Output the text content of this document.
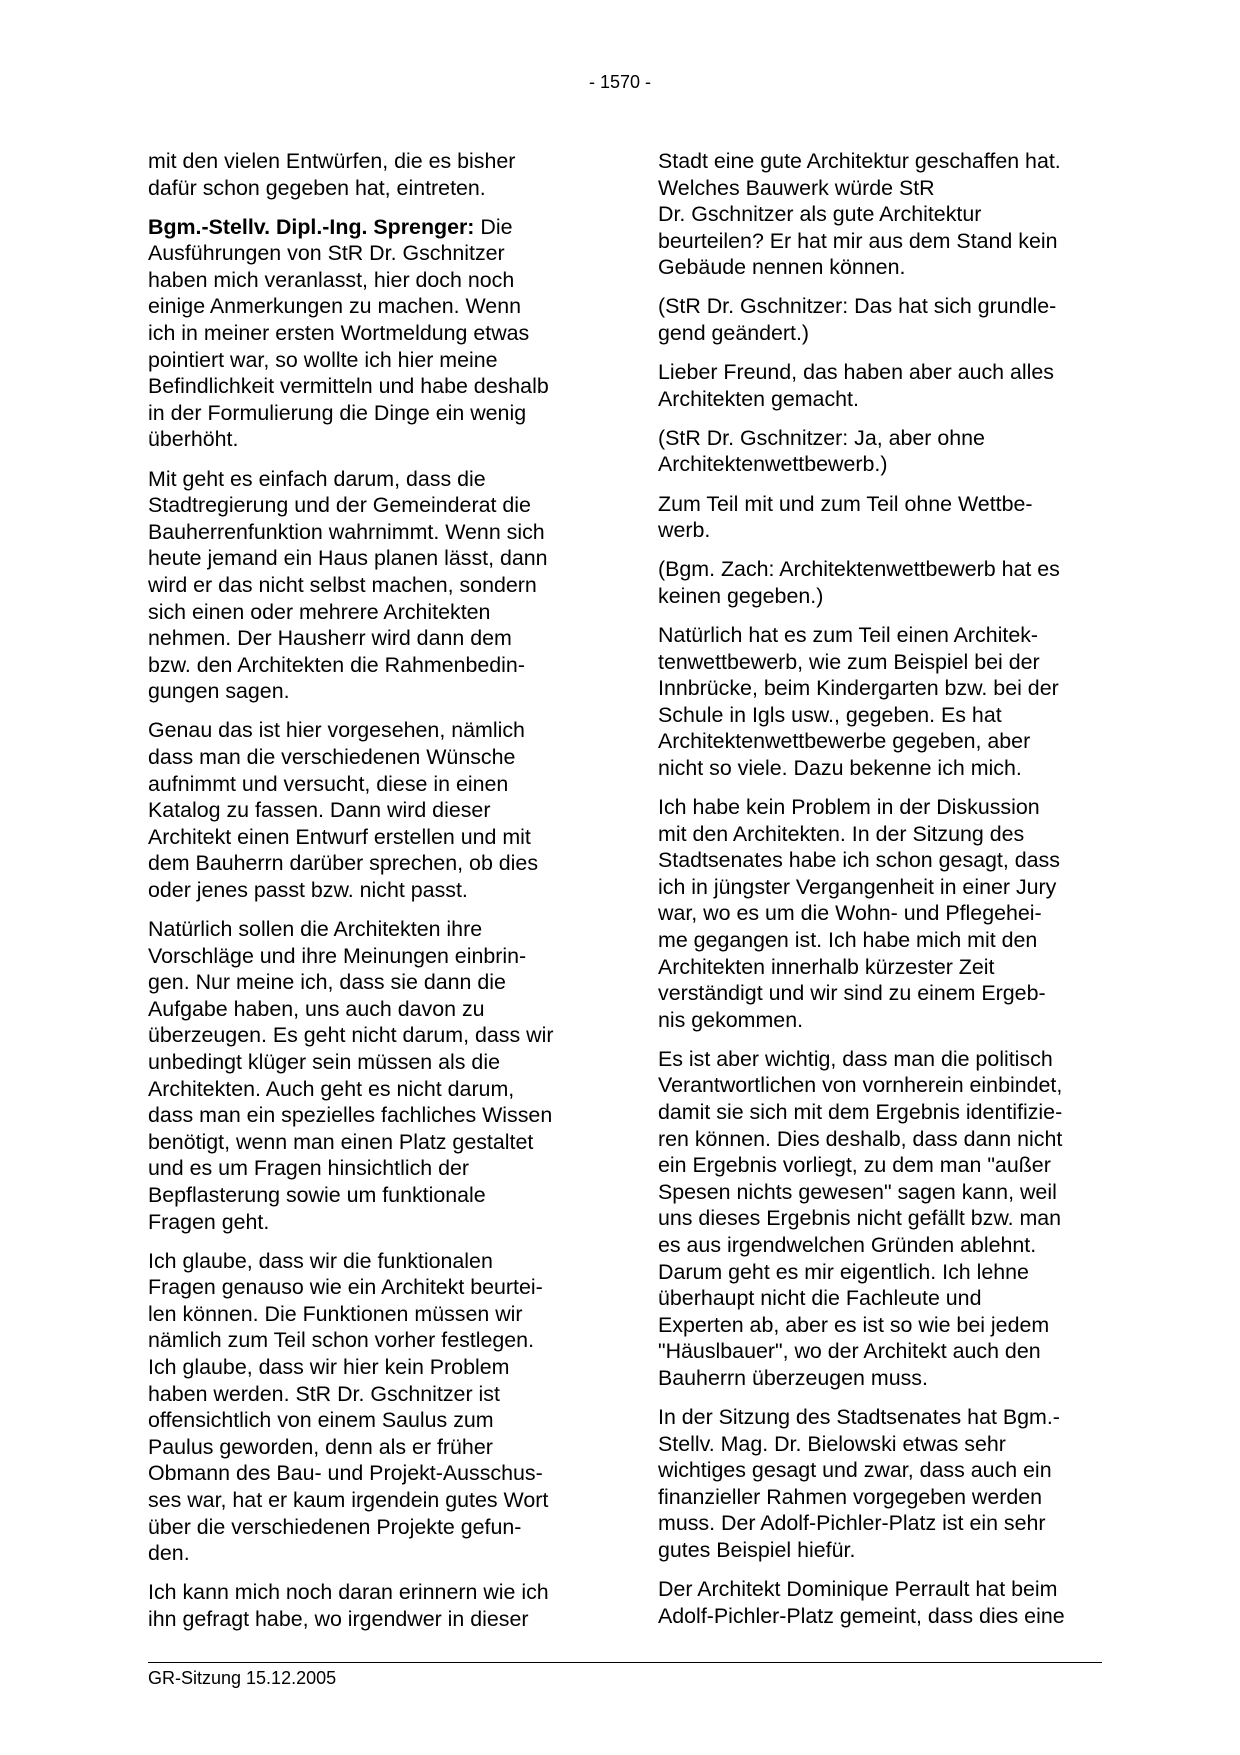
- 1570 -

mit den vielen Entwürfen, die es bisher
dafür schon gegeben hat, eintreten.

Bgm.-Stellv. Dipl.-Ing. Sprenger: Die
Ausführungen von StR Dr. Gschnitzer
haben mich veranlasst, hier doch noch
einige Anmerkungen zu machen. Wenn
ich in meiner ersten Wortmeldung etwas
pointiert war, so wollte ich hier meine
Befindlichkeit vermitteln und habe deshalb
in der Formulierung die Dinge ein wenig
überhöht.

Mit geht es einfach darum, dass die
Stadtregierung und der Gemeinderat die
Bauherrenfunktion wahrnimmt. Wenn sich
heute jemand ein Haus planen lässt, dann
wird er das nicht selbst machen, sondern
sich einen oder mehrere Architekten
nehmen. Der Hausherr wird dann dem
bzw. den Architekten die Rahmenbedin-
gungen sagen.

Genau das ist hier vorgesehen, nämlich
dass man die verschiedenen Wünsche
aufnimmt und versucht, diese in einen
Katalog zu fassen. Dann wird dieser
Architekt einen Entwurf erstellen und mit
dem Bauherrn darüber sprechen, ob dies
oder jenes passt bzw. nicht passt.

Natürlich sollen die Architekten ihre
Vorschläge und ihre Meinungen einbrin-
gen. Nur meine ich, dass sie dann die
Aufgabe haben, uns auch davon zu
überzeugen. Es geht nicht darum, dass wir
unbedingt klüger sein müssen als die
Architekten. Auch geht es nicht darum,
dass man ein spezielles fachliches Wissen
benötigt, wenn man einen Platz gestaltet
und es um Fragen hinsichtlich der
Bepflasterung sowie um funktionale
Fragen geht.

Ich glaube, dass wir die funktionalen
Fragen genauso wie ein Architekt beurtei-
len können. Die Funktionen müssen wir
nämlich zum Teil schon vorher festlegen.
Ich glaube, dass wir hier kein Problem
haben werden. StR Dr. Gschnitzer ist
offensichtlich von einem Saulus zum
Paulus geworden, denn als er früher
Obmann des Bau- und Projekt-Ausschus-
ses war, hat er kaum irgendein gutes Wort
über die verschiedenen Projekte gefun-
den.

Ich kann mich noch daran erinnern wie ich
ihn gefragt habe, wo irgendwer in dieser

Stadt eine gute Architektur geschaffen hat.
Welches Bauwerk würde StR
Dr. Gschnitzer als gute Architektur
beurteilen? Er hat mir aus dem Stand kein
Gebäude nennen können.

(StR Dr. Gschnitzer: Das hat sich grundle-
gend geändert.)

Lieber Freund, das haben aber auch alles
Architekten gemacht.

(StR Dr. Gschnitzer: Ja, aber ohne
Architektenwettbewerb.)

Zum Teil mit und zum Teil ohne Wettbe-
werb.

(Bgm. Zach: Architektenwettbewerb hat es
keinen gegeben.)

Natürlich hat es zum Teil einen Architek-
tenwettbewerb, wie zum Beispiel bei der
Innbrücke, beim Kindergarten bzw. bei der
Schule in Igls usw., gegeben. Es hat
Architektenwettbewerbe gegeben, aber
nicht so viele. Dazu bekenne ich mich.

Ich habe kein Problem in der Diskussion
mit den Architekten. In der Sitzung des
Stadtsenates habe ich schon gesagt, dass
ich in jüngster Vergangenheit in einer Jury
war, wo es um die Wohn- und Pflegehei-
me gegangen ist. Ich habe mich mit den
Architekten innerhalb kürzester Zeit
verständigt und wir sind zu einem Ergeb-
nis gekommen.

Es ist aber wichtig, dass man die politisch
Verantwortlichen von vornherein einbindet,
damit sie sich mit dem Ergebnis identifizie-
ren können. Dies deshalb, dass dann nicht
ein Ergebnis vorliegt, zu dem man "außer
Spesen nichts gewesen" sagen kann, weil
uns dieses Ergebnis nicht gefällt bzw. man
es aus irgendwelchen Gründen ablehnt.
Darum geht es mir eigentlich. Ich lehne
überhaupt nicht die Fachleute und
Experten ab, aber es ist so wie bei jedem
"Häuslbauer", wo der Architekt auch den
Bauherrn überzeugen muss.

In der Sitzung des Stadtsenates hat Bgm.-
Stellv. Mag. Dr. Bielowski etwas sehr
wichtiges gesagt und zwar, dass auch ein
finanzieller Rahmen vorgegeben werden
muss. Der Adolf-Pichler-Platz ist ein sehr
gutes Beispiel hiefür.

Der Architekt Dominique Perrault hat beim
Adolf-Pichler-Platz gemeint, dass dies eine

GR-Sitzung 15.12.2005
